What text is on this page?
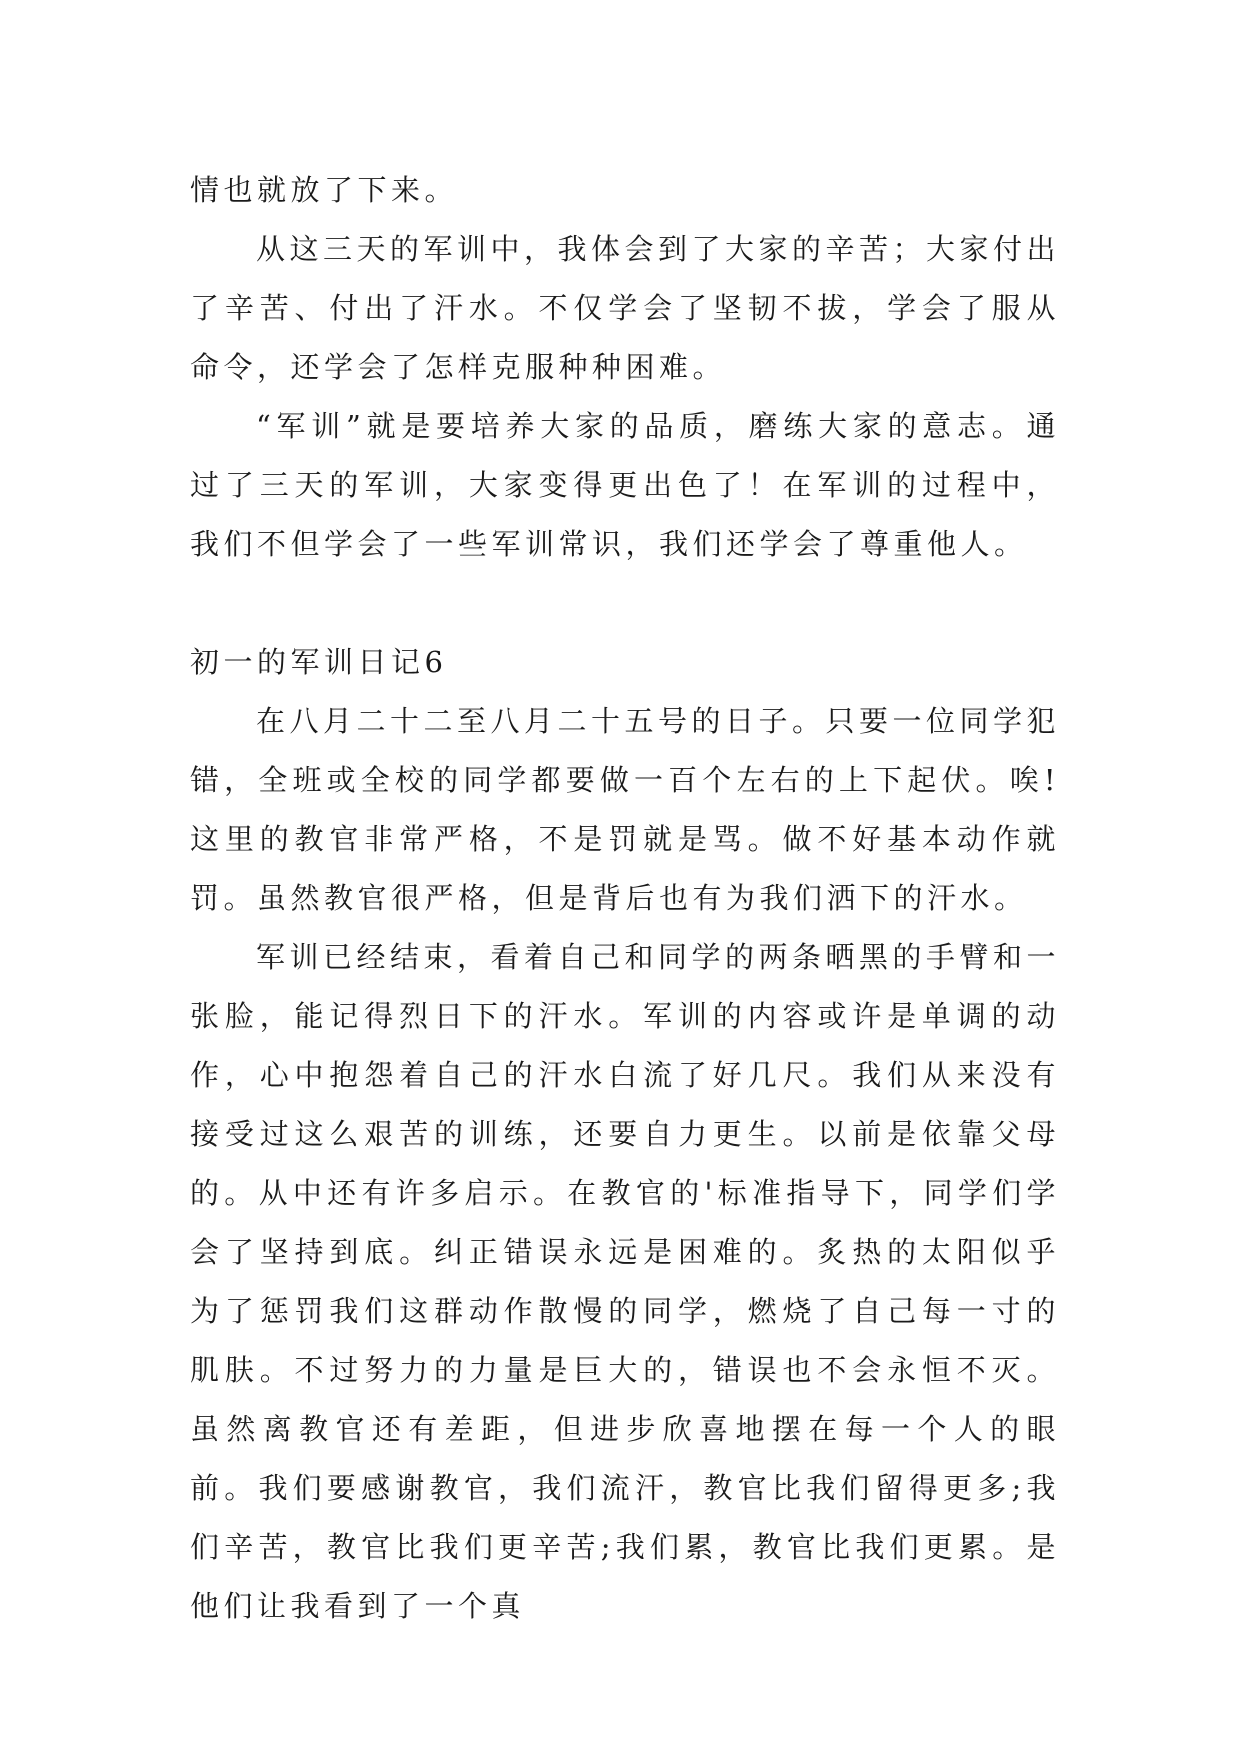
情也就放了下来。

从这三天的军训中，我体会到了大家的辛苦；大家付出了辛苦、付出了汗水。不仅学会了坚韧不拔，学会了服从命令，还学会了怎样克服种种困难。

“军训”就是要培养大家的品质，磨练大家的意志。通过了三天的军训，大家变得更出色了！在军训的过程中，我们不但学会了一些军训常识，我们还学会了尊重他人。

初一的军训日记6

在八月二十二至八月二十五号的日子。只要一位同学犯错，全班或全校的同学都要做一百个左右的上下起伏。唉!这里的教官非常严格，不是罚就是骂。做不好基本动作就罚。虽然教官很严格，但是背后也有为我们洒下的汗水。

军训已经结束，看着自己和同学的两条晒黑的手臂和一张脸，能记得烈日下的汗水。军训的内容或许是单调的动作，心中抱怨着自己的汗水白流了好几尺。我们从来没有接受过这么艰苦的训练，还要自力更生。以前是依靠父母的。从中还有许多启示。在教官的'标准指导下，同学们学会了坚持到底。纠正错误永远是困难的。炙热的太阳似乎为了惩罚我们这群动作散慢的同学，燃烧了自己每一寸的肌肤。不过努力的力量是巨大的，错误也不会永恒不灭。虽然离教官还有差距，但进步欣喜地摆在每一个人的眼前。我们要感谢教官，我们流汗，教官比我们留得更多;我们辛苦，教官比我们更辛苦;我们累，教官比我们更累。是他们让我看到了一个真
